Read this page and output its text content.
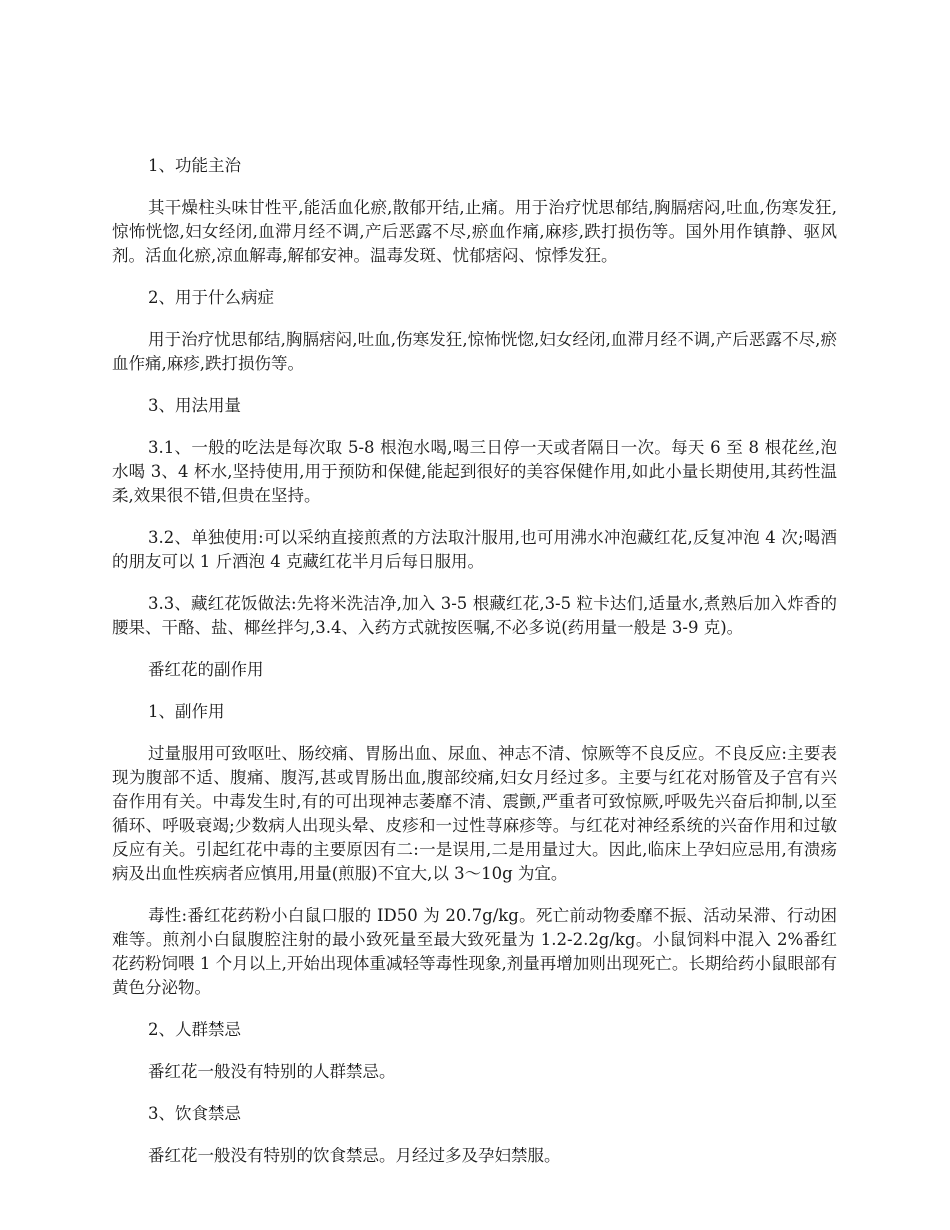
1、功能主治

其干燥柱头味甘性平,能活血化瘀,散郁开结,止痛。用于治疗忧思郁结,胸膈痞闷,吐血,伤寒发狂,惊怖恍惚,妇女经闭,血滞月经不调,产后恶露不尽,瘀血作痛,麻疹,跌打损伤等。国外用作镇静、驱风剂。活血化瘀,凉血解毒,解郁安神。温毒发斑、忧郁痞闷、惊悸发狂。

2、用于什么病症

用于治疗忧思郁结,胸膈痞闷,吐血,伤寒发狂,惊怖恍惚,妇女经闭,血滞月经不调,产后恶露不尽,瘀血作痛,麻疹,跌打损伤等。

3、用法用量

3.1、一般的吃法是每次取 5-8 根泡水喝,喝三日停一天或者隔日一次。每天 6 至 8 根花丝,泡水喝 3、4 杯水,坚持使用,用于预防和保健,能起到很好的美容保健作用,如此小量长期使用,其药性温柔,效果很不错,但贵在坚持。

3.2、单独使用:可以采纳直接煎煮的方法取汁服用,也可用沸水冲泡藏红花,反复冲泡 4 次;喝酒的朋友可以 1 斤酒泡 4 克藏红花半月后每日服用。

3.3、藏红花饭做法:先将米洗洁净,加入 3-5 根藏红花,3-5 粒卡达们,适量水,煮熟后加入炸香的腰果、干酪、盐、椰丝拌匀,3.4、入药方式就按医嘱,不必多说(药用量一般是 3-9 克)。

番红花的副作用

1、副作用

过量服用可致呕吐、肠绞痛、胃肠出血、尿血、神志不清、惊厥等不良反应。不良反应:主要表现为腹部不适、腹痛、腹泻,甚或胃肠出血,腹部绞痛,妇女月经过多。主要与红花对肠管及子宫有兴奋作用有关。中毒发生时,有的可出现神志萎靡不清、震颤,严重者可致惊厥,呼吸先兴奋后抑制,以至循环、呼吸衰竭;少数病人出现头晕、皮疹和一过性荨麻疹等。与红花对神经系统的兴奋作用和过敏反应有关。引起红花中毒的主要原因有二:一是误用,二是用量过大。因此,临床上孕妇应忌用,有溃疡病及出血性疾病者应慎用,用量(煎服)不宜大,以 3～10g 为宜。

毒性:番红花药粉小白鼠口服的 ID50 为 20.7g/kg。死亡前动物委靡不振、活动呆滞、行动困难等。煎剂小白鼠腹腔注射的最小致死量至最大致死量为 1.2-2.2g/kg。小鼠饲料中混入 2%番红花药粉饲喂 1 个月以上,开始出现体重减轻等毒性现象,剂量再增加则出现死亡。长期给药小鼠眼部有黄色分泌物。

2、人群禁忌

番红花一般没有特别的人群禁忌。

3、饮食禁忌

番红花一般没有特别的饮食禁忌。月经过多及孕妇禁服。
